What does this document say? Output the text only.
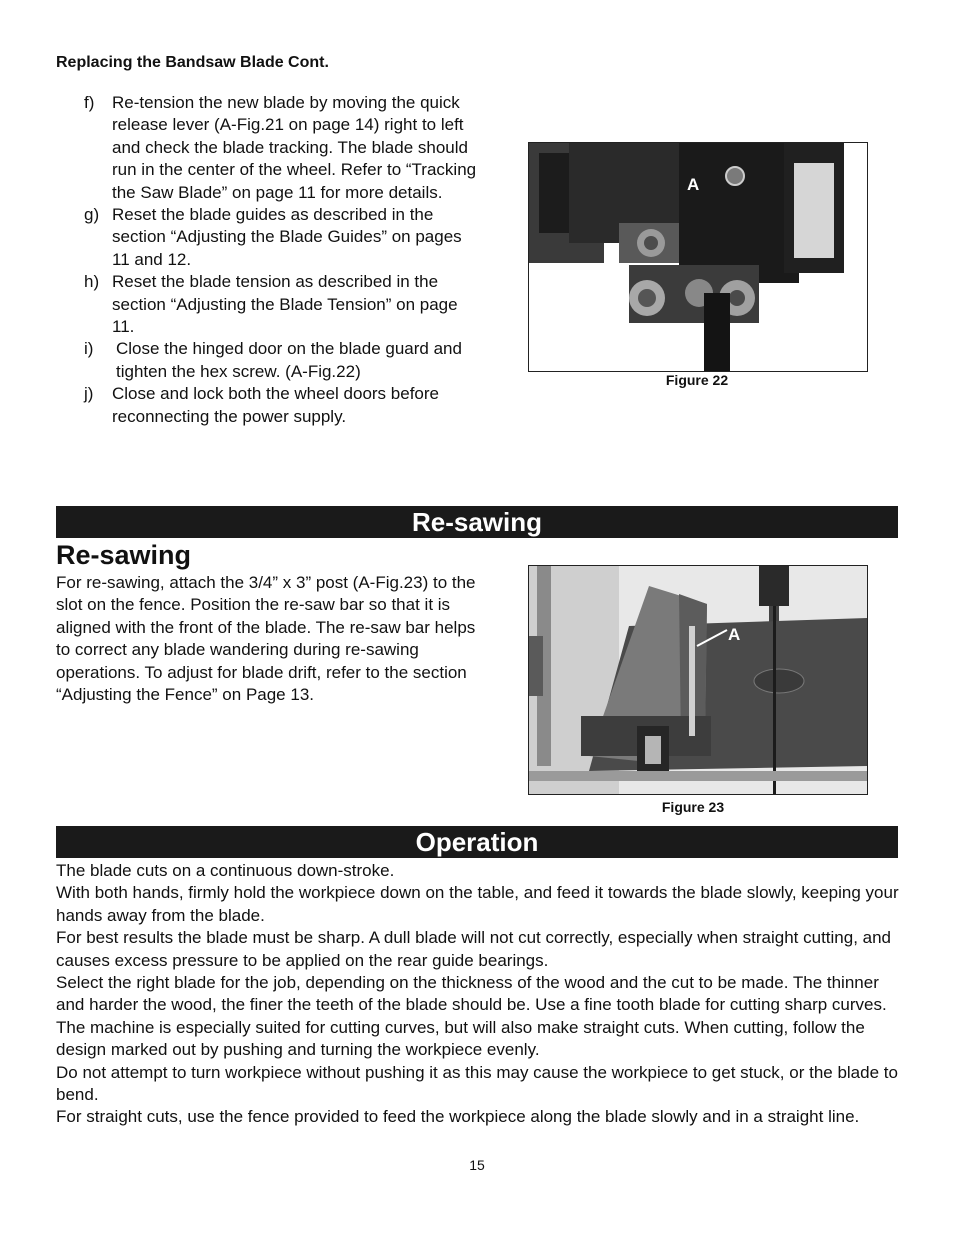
Replacing the Bandsaw Blade Cont.
f)	Re-tension the new blade by moving the quick release lever (A-Fig.21 on page 14) right to left and check the blade tracking. The blade should run in the center of the wheel. Refer to “Tracking the Saw Blade” on page 11 for more details.
g) Reset the blade guides as described in the section “Adjusting the Blade Guides” on pages 11 and 12.
h) Reset the blade tension as described in the section “Adjusting the Blade Tension” on page 11.
i)	Close the hinged door on the blade guard and tighten the hex screw. (A-Fig.22)
j)	Close and lock both the wheel doors before reconnecting the power supply.
A
Figure 22
Re-sawing
Re-sawing
For re-sawing, attach the 3/4” x 3” post (A-Fig.23) to the slot on the fence. Position the re-saw bar so that it is aligned with the front of the blade. The re-saw bar helps to correct any blade wandering during re-sawing operations. To adjust for blade drift, refer to the section “Adjusting the Fence” on Page 13.
A
Figure 23
Operation

The blade cuts on a continuous down-stroke.

With both hands, firmly hold the workpiece down on the table, and feed it towards the blade slowly, keeping your hands away from the blade.

For best results the blade must be sharp. A dull blade will not cut correctly, especially when straight cutting, and causes excess pressure to be applied on the rear guide bearings.

Select the right blade for the job, depending on the thickness of the wood and the cut to be made. The thinner and harder the wood, the finer the teeth of the blade should be. Use a fine tooth blade for cutting sharp curves.

The machine is especially suited for cutting curves, but will also make straight cuts. When cutting, follow the design marked out by pushing and turning the workpiece evenly.

Do not attempt to turn workpiece without pushing it as this may cause the workpiece to get stuck, or the blade to bend.

For straight cuts, use the fence provided to feed the workpiece along the blade slowly and in a straight line.

15
